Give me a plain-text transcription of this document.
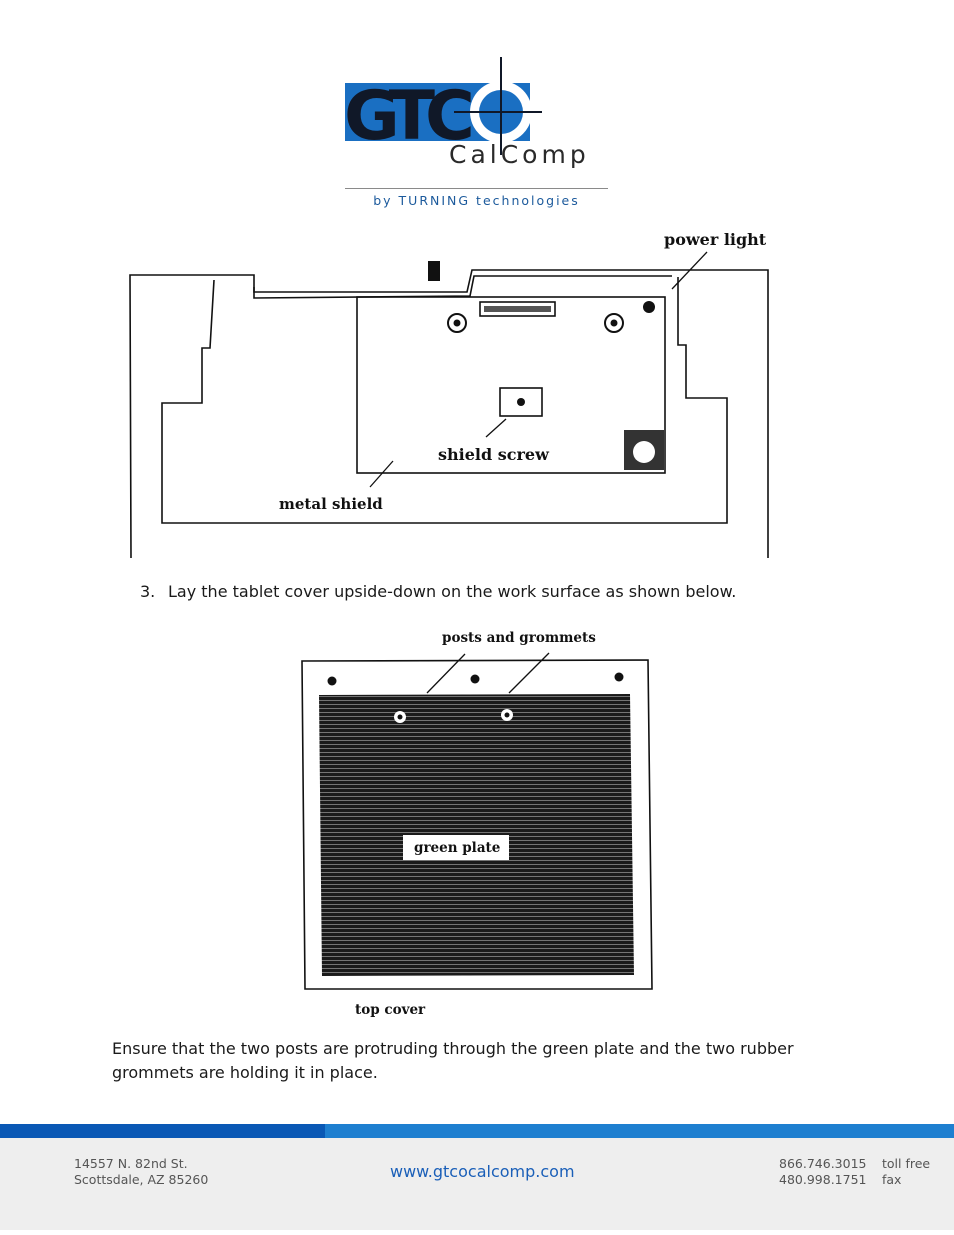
GTC
CalComp
by TURNING technologies
power light
shield screw
metal shield
3. Lay the tablet cover upside-down on the work surface as shown below.
posts and grommets
green plate
top cover
Ensure that the two posts are protruding through the green plate and the two rubber grommets are holding it in place.
14557 N. 82nd St.
Scottsdale, AZ 85260	www.gtcocalcomp.com	866.746.3015
480.998.1751
toll free
fax
